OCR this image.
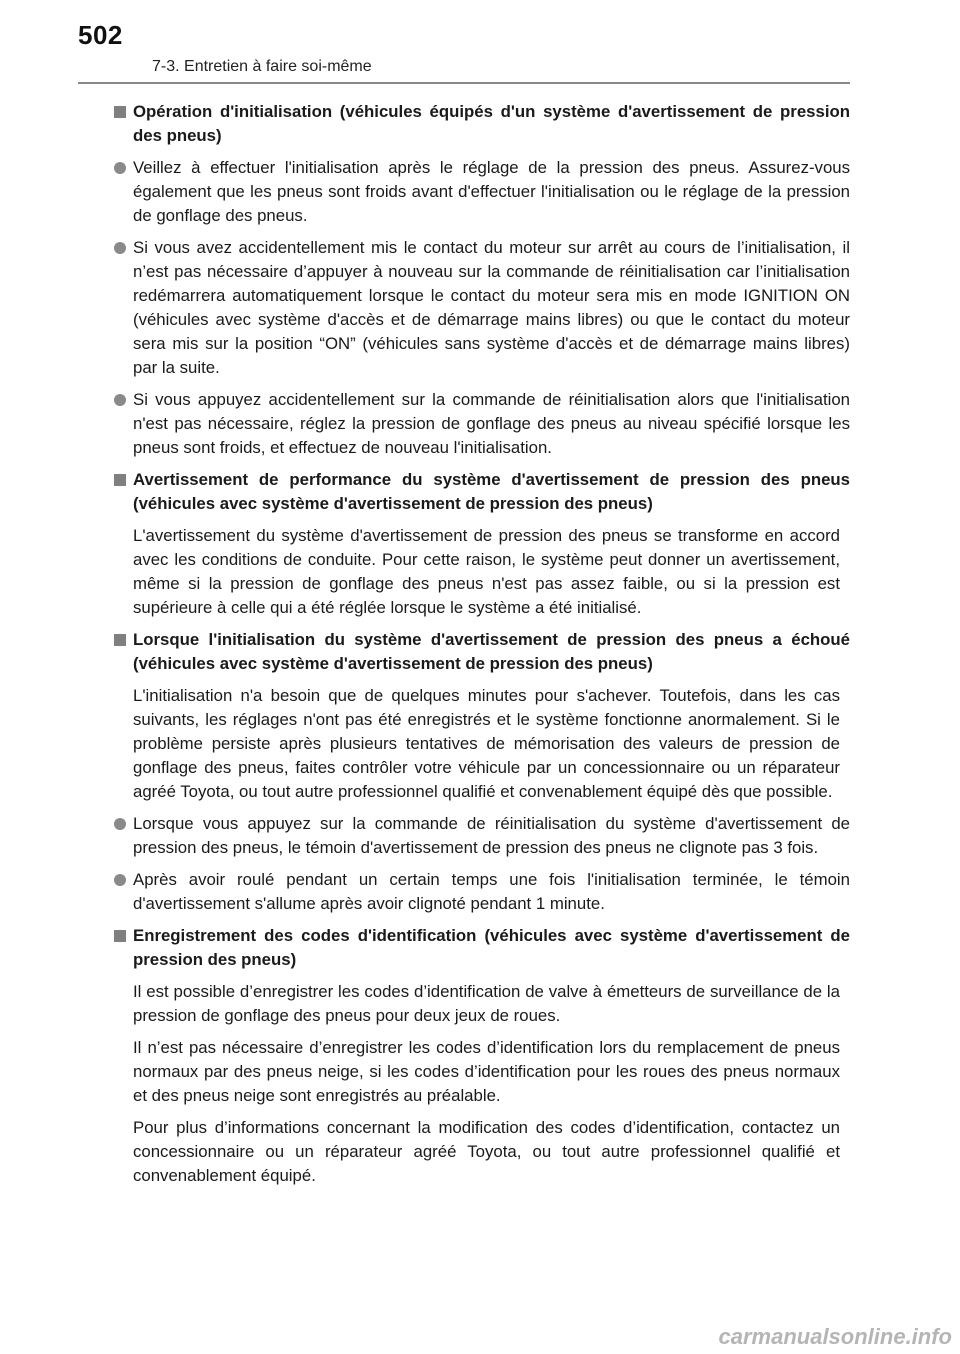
502
7-3. Entretien à faire soi-même
Opération d'initialisation (véhicules équipés d'un système d'avertissement de pression des pneus)
Veillez à effectuer l'initialisation après le réglage de la pression des pneus. Assurez-vous également que les pneus sont froids avant d'effectuer l'initialisation ou le réglage de la pression de gonflage des pneus.
Si vous avez accidentellement mis le contact du moteur sur arrêt au cours de l’initialisation, il n’est pas nécessaire d’appuyer à nouveau sur la commande de réinitialisation car l’initialisation redémarrera automatiquement lorsque le contact du moteur sera mis en mode IGNITION ON (véhicules avec système d'accès et de démarrage mains libres) ou que le contact du moteur sera mis sur la position “ON” (véhicules sans système d'accès et de démarrage mains libres) par la suite.
Si vous appuyez accidentellement sur la commande de réinitialisation alors que l'initialisation n'est pas nécessaire, réglez la pression de gonflage des pneus au niveau spécifié lorsque les pneus sont froids, et effectuez de nouveau l'initialisation.
Avertissement de performance du système d'avertissement de pression des pneus (véhicules avec système d'avertissement de pression des pneus)

L'avertissement du système d'avertissement de pression des pneus se transforme en accord avec les conditions de conduite. Pour cette raison, le système peut donner un avertissement, même si la pression de gonflage des pneus n'est pas assez faible, ou si la pression est supérieure à celle qui a été réglée lorsque le système a été initialisé.

Lorsque l'initialisation du système d'avertissement de pression des pneus a échoué (véhicules avec système d'avertissement de pression des pneus)

L'initialisation n'a besoin que de quelques minutes pour s'achever. Toutefois, dans les cas suivants, les réglages n'ont pas été enregistrés et le système fonctionne anormalement. Si le problème persiste après plusieurs tentatives de mémorisation des valeurs de pression de gonflage des pneus, faites contrôler votre véhicule par un concessionnaire ou un réparateur agréé Toyota, ou tout autre professionnel qualifié et convenablement équipé dès que possible.

Lorsque vous appuyez sur la commande de réinitialisation du système d'avertissement de pression des pneus, le témoin d'avertissement de pression des pneus ne clignote pas 3 fois.
Après avoir roulé pendant un certain temps une fois l'initialisation terminée, le témoin d'avertissement s'allume après avoir clignoté pendant 1 minute.
Enregistrement des codes d'identification (véhicules avec système d'avertissement de pression des pneus)

Il est possible d’enregistrer les codes d’identification de valve à émetteurs de surveillance de la pression de gonflage des pneus pour deux jeux de roues.

Il n’est pas nécessaire d’enregistrer les codes d’identification lors du remplacement de pneus normaux par des pneus neige, si les codes d’identification pour les roues des pneus normaux et des pneus neige sont enregistrés au préalable.

Pour plus d’informations concernant la modification des codes d’identification, contactez un concessionnaire ou un réparateur agréé Toyota, ou tout autre professionnel qualifié et convenablement équipé.

carmanualsonline.info
